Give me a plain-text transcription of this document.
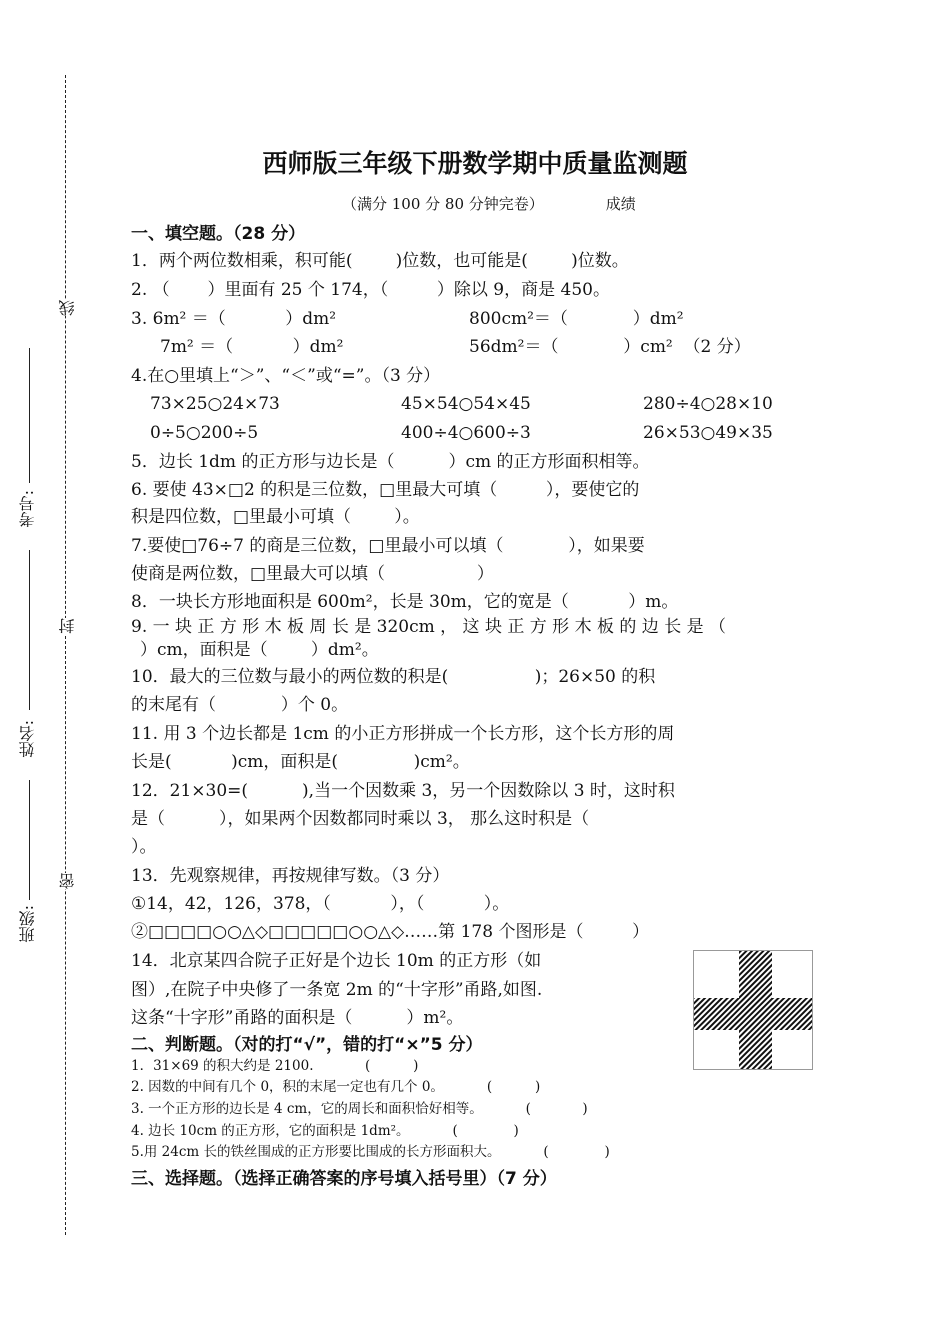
线
封
密
班级:
姓名:
考号:
西师版三年级下册数学期中质量监测题
（满分 100 分 80 分钟完卷）	成绩
一、填空题。（28 分）
1．两个两位数相乘，积可能(        )位数，也可能是(        )位数。
2. （       ）里面有 25 个 174，（         ）除以 9，商是 450。
3. 6m² ＝（           ）dm²	800cm²＝（            ）dm²
7m² ＝（           ）dm²	56dm²＝（            ）cm²  （2 分）
4.在○里填上“＞”、“＜”或“=”。（3 分）
73×25○24×73	45×54○54×45	280÷4○28×10
0÷5○200÷5	400÷4○600÷3	26×53○49×35
5．边长 1dm 的正方形与边长是（          ）cm 的正方形面积相等。
6. 要使 43×□2 的积是三位数，□里最大可填（         ），要使它的
积是四位数，□里最小可填（        ）。
7.要使□76÷7 的商是三位数，□里最小可以填（            ），如果要
使商是两位数，□里最大可以填（                 ）
8．一块长方形地面积是 600m²，长是 30m，它的宽是（           ）m。
9. 一 块 正 方 形 木 板 周 长 是 320cm ， 这 块 正 方 形 木 板 的 边 长 是 （
）cm，面积是（        ）dm²。
10．最大的三位数与最小的两位数的积是(                )；26×50 的积
的末尾有（            ）个 0。
11. 用 3 个边长都是 1cm 的小正方形拼成一个长方形，这个长方形的周
长是(           )cm，面积是(              )cm²。
12．21×30=(          ),当一个因数乘 3，另一个因数除以 3 时，这时积
是（          ），如果两个因数都同时乘以 3， 那么这时积是（
）。
13．先观察规律，再按规律写数。（3 分）
①14，42，126，378，（           ），（           ）。
②□□□□○○△◇□□□□□○○△◇……第 178 个图形是（         ）
14．北京某四合院子正好是个边长 10m 的正方形（如
图）,在院子中央修了一条宽 2m 的“十字形”甬路,如图.
这条“十字形”甬路的面积是（          ）m²。
二、判断题。（对的打“√”，错的打“×”5 分）
1．31×69 的积大约是 2100.            (          )
2. 因数的中间有几个 0，积的末尾一定也有几个 0。          (          )
3. 一个正方形的边长是 4 cm，它的周长和面积恰好相等。          (            )
4. 边长 10cm 的正方形，它的面积是 1dm²。          (             )
5.用 24cm 长的铁丝围成的正方形要比围成的长方形面积大。          (             )
三、选择题。（选择正确答案的序号填入括号里）（7 分）
